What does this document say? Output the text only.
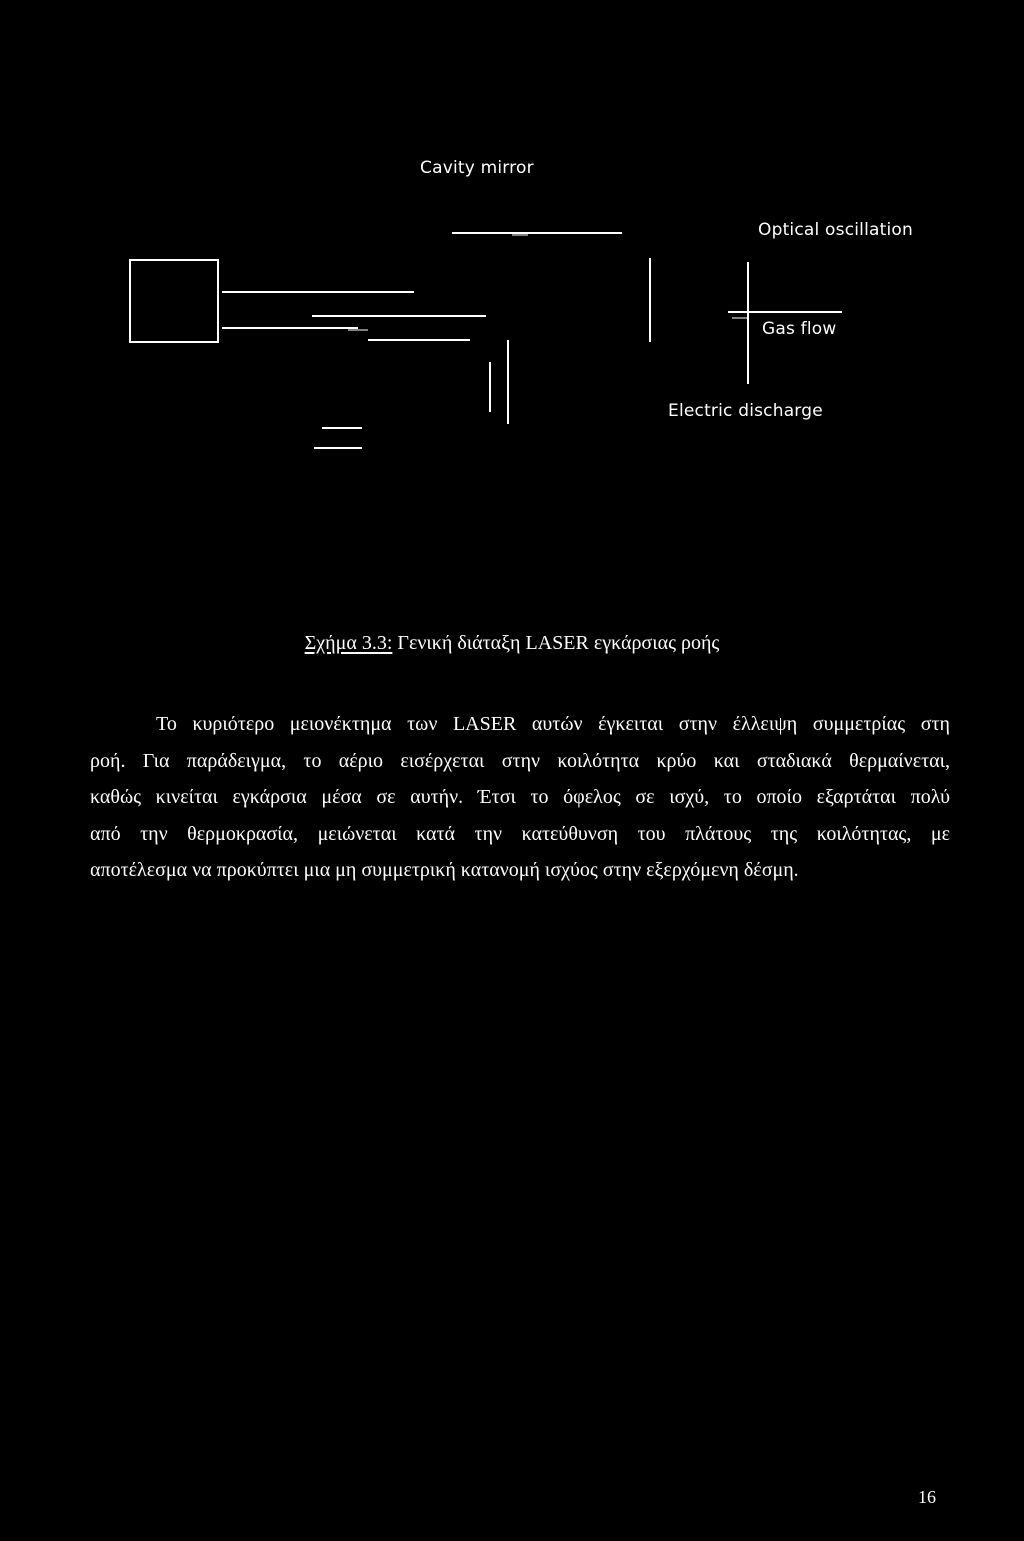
Cavity mirror
Optical oscillation
Gas flow
Electric discharge
Σχήμα 3.3: Γενική διάταξη LASER εγκάρσιας ροής
Το κυριότερο μειονέκτημα των LASER αυτών έγκειται στην έλλειψη συμμετρίας στη
ροή. Για παράδειγμα, το αέριο εισέρχεται στην κοιλότητα κρύο και σταδιακά θερμαίνεται,
καθώς κινείται εγκάρσια μέσα σε αυτήν. Έτσι το όφελος σε ισχύ, το οποίο εξαρτάται πολύ
από την θερμοκρασία, μειώνεται κατά την κατεύθυνση του πλάτους της κοιλότητας, με
αποτέλεσμα να προκύπτει μια μη συμμετρική κατανομή ισχύος στην εξερχόμενη δέσμη.
16
